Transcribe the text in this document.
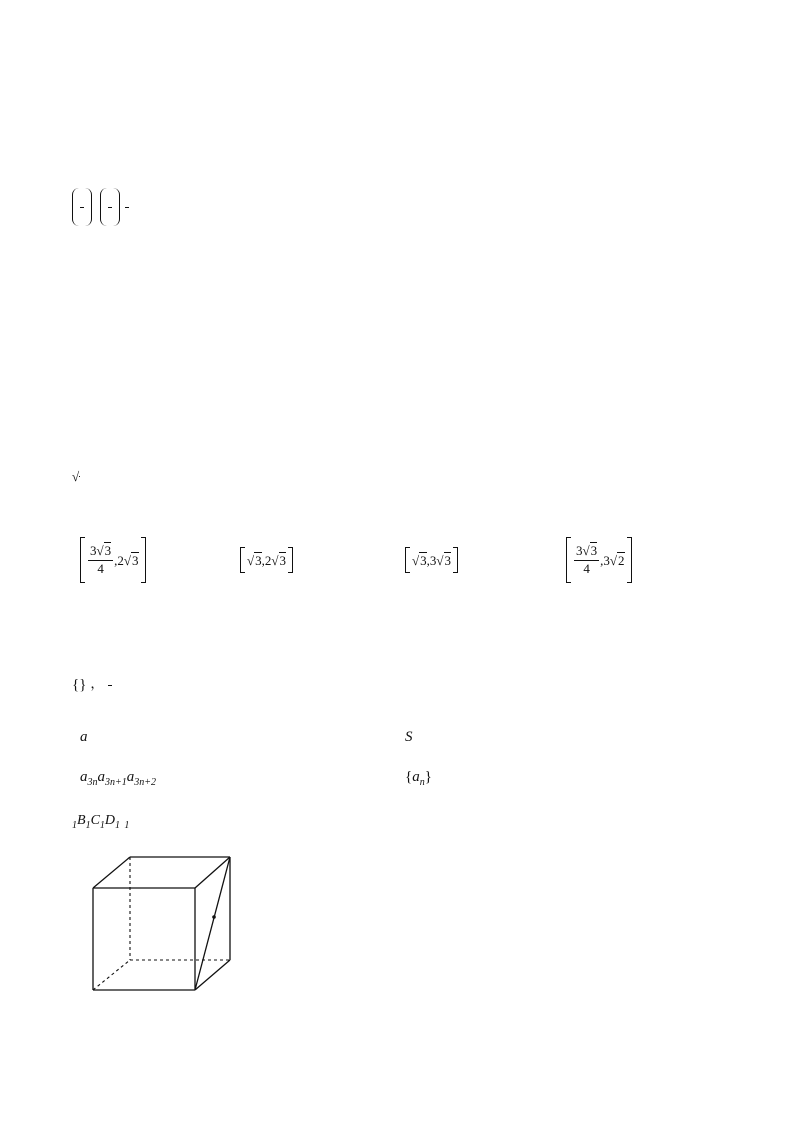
√
$\frac{3√3}{4} ,2√3$	√3,2√3	√3,3√3	$\frac{3√3}{4} ,3√2$
{} ，
a	S
$a_{3n}a_{3n+1}a_{3n+2}$	$\{a_n\}$
$_1B_1C_1D_1$ $_1$
